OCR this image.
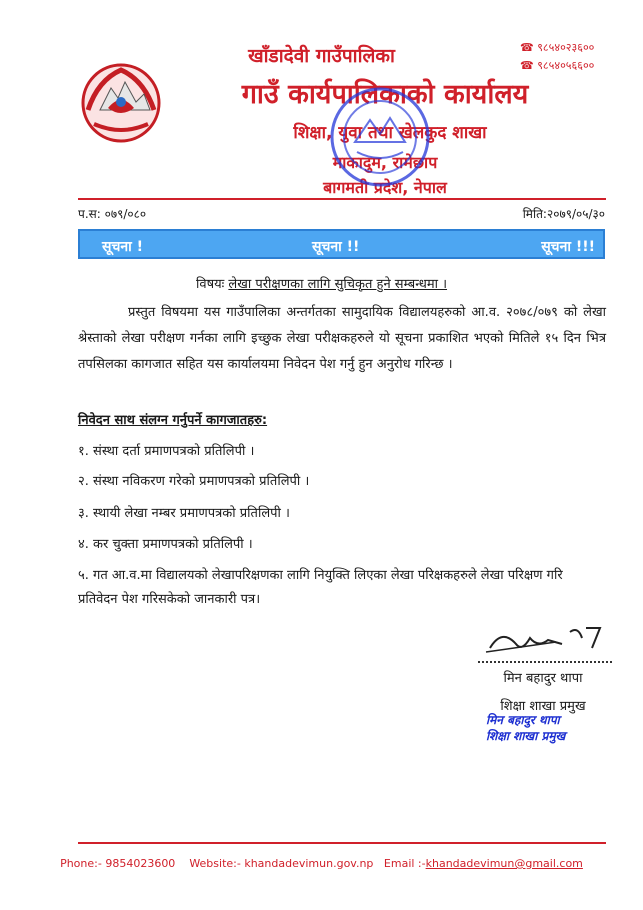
खाँडादेवी गाउँपालिका
गाउँ कार्यपालिकाको कार्यालय
शिक्षा, युवा तथा खेलकुद शाखा
माकादुम, रामेछाप
बागमती प्रदेश, नेपाल
☎ ९८५४०२३६००
☎ ९८५४०५६६००
प.स: ०७९/०८०	मिति:२०७९/०५/३०
सूचना !	सूचना !!	सूचना !!!
विषयः लेखा परीक्षणका लागि सुचिकृत हुने सम्बन्धमा ।
प्रस्तुत विषयमा यस गाउँपालिका अन्तर्गतका सामुदायिक विद्यालयहरुको आ.व. २०७८/०७९ को लेखा श्रेस्ताको लेखा परीक्षण गर्नका लागि इच्छुक लेखा परीक्षकहरुले यो सूचना प्रकाशित भएको मितिले १५ दिन भित्र तपसिलका कागजात सहित यस कार्यालयमा निवेदन पेश गर्नु हुन अनुरोध गरिन्छ ।
निवेदन साथ संलग्न गर्नुपर्ने कागजातहरु:
१. संस्था दर्ता प्रमाणपत्रको प्रतिलिपी ।
२. संस्था नविकरण गरेको प्रमाणपत्रको प्रतिलिपी ।
३. स्थायी लेखा नम्बर प्रमाणपत्रको प्रतिलिपी ।
४. कर चुक्ता प्रमाणपत्रको प्रतिलिपी ।
५. गत आ.व.मा विद्यालयको लेखापरिक्षणका लागि नियुक्ति लिएका लेखा परिक्षकहरुले लेखा परिक्षण गरि प्रतिवेदन पेश गरिसकेको जानकारी पत्र।
मिन बहादुर थापा
शिक्षा शाखा प्रमुख
मिन बहादुर थापा
शिक्षा शाखा प्रमुख
Phone:- 9854023600 Website:- khandadevimun.gov.np Email :-khandadevimun@gmail.com
